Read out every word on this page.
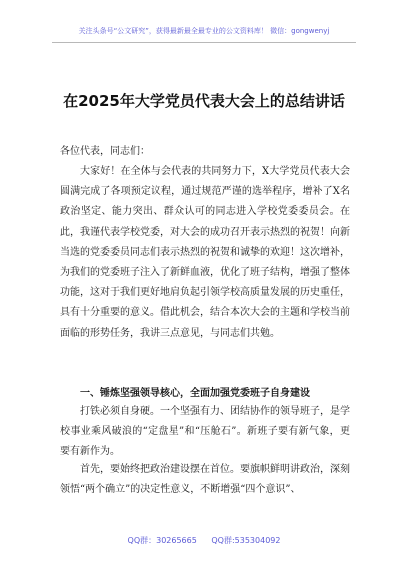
关注头条号“公文研究”，获得最新最全最专业的公文资料库！ 微信：gongwenyj
在2025年大学党员代表大会上的总结讲话
各位代表，同志们：

大家好！在全体与会代表的共同努力下，X大学党员代表大会圆满完成了各项预定议程，通过规范严谨的选举程序，增补了X名政治坚定、能力突出、群众认可的同志进入学校党委委员会。在此，我谨代表学校党委，对大会的成功召开表示热烈的祝贺！向新当选的党委委员同志们表示热烈的祝贺和诚挚的欢迎！这次增补，为我们的党委班子注入了新鲜血液，优化了班子结构，增强了整体功能，这对于我们更好地肩负起引领学校高质量发展的历史重任，具有十分重要的意义。借此机会，结合本次大会的主题和学校当前面临的形势任务，我讲三点意见，与同志们共勉。

一、锤炼坚强领导核心，全面加强党委班子自身建设

打铁必须自身硬。一个坚强有力、团结协作的领导班子，是学校事业乘风破浪的“定盘星”和“压舱石”。新班子要有新气象，更要有新作为。

首先，要始终把政治建设摆在首位。要旗帜鲜明讲政治，深刻领悟“两个确立”的决定性意义，不断增强“四个意识”、

QQ群：30265665 QQ群:535304092
